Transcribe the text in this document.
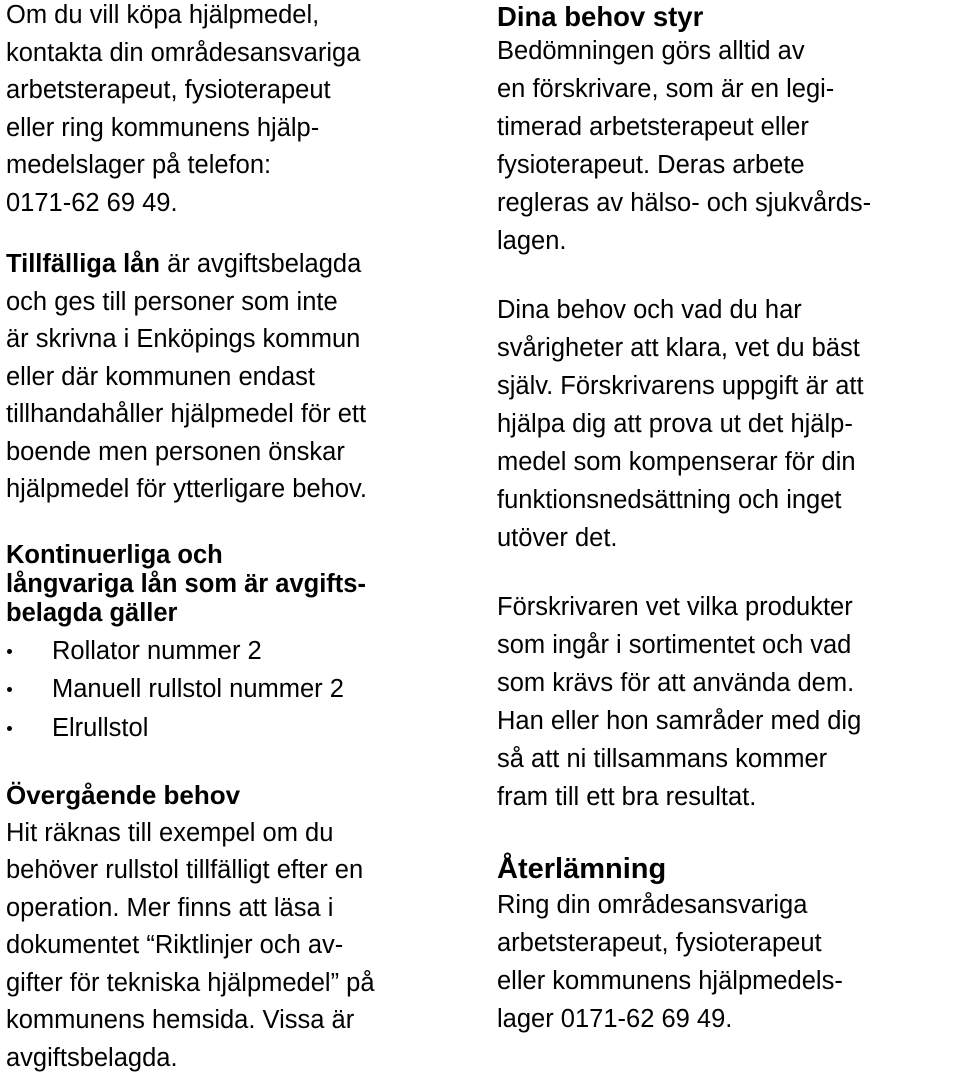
Om du vill köpa hjälpmedel,
kontakta din områdesansvariga
arbetsterapeut, fysioterapeut
eller ring kommunens hjälp-
medelslager på telefon:
0171-62 69 49.
Tillfälliga lån är avgiftsbelagda
och ges till personer som inte
är skrivna i Enköpings kommun
eller där kommunen endast
tillhandahåller hjälpmedel för ett
boende men personen önskar
hjälpmedel för ytterligare behov.
Kontinuerliga och
långvariga lån som är avgifts-
belagda gäller
Rollator nummer 2
Manuell rullstol nummer 2
Elrullstol
Övergående behov
Hit räknas till exempel om du
behöver rullstol tillfälligt efter en
operation. Mer finns att läsa i
dokumentet “Riktlinjer och av-
gifter för tekniska hjälpmedel” på
kommunens hemsida. Vissa är
avgiftsbelagda.
Dina behov styr
Bedömningen görs alltid av
en förskrivare, som är en legi-
timerad arbetsterapeut eller
fysioterapeut. Deras arbete
regleras av hälso- och sjukvårds-
lagen.
Dina behov och vad du har
svårigheter att klara, vet du bäst
själv. Förskrivarens uppgift är att
hjälpa dig att prova ut det hjälp-
medel som kompenserar för din
funktionsnedsättning och inget
utöver det.
Förskrivaren vet vilka produkter
som ingår i sortimentet och vad
som krävs för att använda dem.
Han eller hon samråder med dig
så att ni tillsammans kommer
fram till ett bra resultat.
Återlämning
Ring din områdesansvariga
arbetsterapeut, fysioterapeut
eller kommunens hjälpmedels-
lager 0171-62 69 49.
